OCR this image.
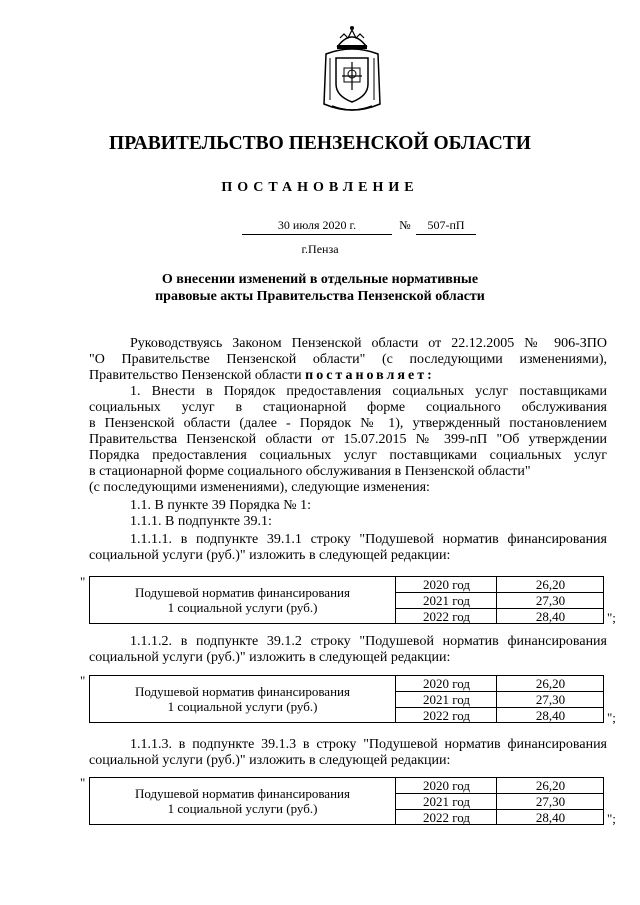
ПРАВИТЕЛЬСТВО ПЕНЗЕНСКОЙ ОБЛАСТИ
ПОСТАНОВЛЕНИЕ
30 июля 2020 г.	№	507-пП
г.Пенза
О внесении изменений в отдельные нормативные
правовые акты Правительства Пензенской области
Руководствуясь Законом Пензенской области от 22.12.2005 № 906-ЗПО
"О Правительстве Пензенской области" (с последующими изменениями),
Правительство Пензенской области постановляет:
1. Внести в Порядок предоставления социальных услуг поставщиками
социальных услуг в стационарной форме социального обслуживания
в Пензенской области (далее - Порядок № 1), утвержденный постановлением
Правительства Пензенской области от 15.07.2015 № 399-пП "Об утверждении
Порядка предоставления социальных услуг поставщиками социальных услуг
в стационарной форме социального обслуживания в Пензенской области"
(с последующими изменениями), следующие изменения:
1.1. В пункте 39 Порядка № 1:
1.1.1. В подпункте 39.1:
1.1.1.1. в подпункте 39.1.1 строку "Подушевой норматив финансирования
социальной услуги (руб.)" изложить в следующей редакции:
"
Подушевой норматив финансирования
1 социальной услуги (руб.)
2020 год	26,20
2021 год	27,30
2022 год	28,40	";
1.1.1.2. в подпункте 39.1.2 строку "Подушевой норматив финансирования
социальной услуги (руб.)" изложить в следующей редакции:
"
Подушевой норматив финансирования
1 социальной услуги (руб.)
2020 год	26,20
2021 год	27,30
2022 год	28,40	";
1.1.1.3. в подпункте 39.1.3 в строку "Подушевой норматив финансирования
социальной услуги (руб.)" изложить в следующей редакции:
"
Подушевой норматив финансирования
1 социальной услуги (руб.)
2020 год	26,20
2021 год	27,30
2022 год	28,40	";
